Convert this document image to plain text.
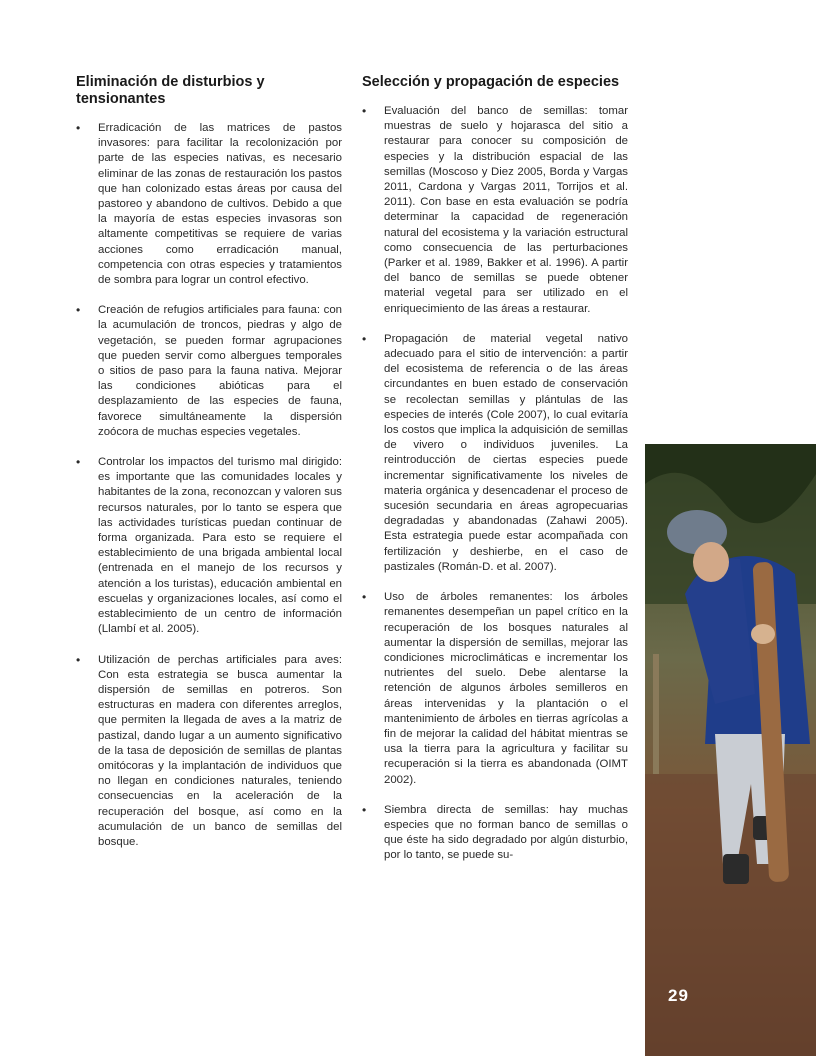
Eliminación de disturbios y tensionantes
• Erradicación de las matrices de pastos invasores: para facilitar la recolonización por parte de las especies nativas, es necesario eliminar de las zonas de restauración los pastos que han colonizado estas áreas por causa del pastoreo y abandono de cultivos. Debido a que la mayoría de estas especies invasoras son altamente competitivas se requiere de varias acciones como erradicación manual, competencia con otras especies y tratamientos de sombra para lograr un control efectivo.
• Creación de refugios artificiales para fauna: con la acumulación de troncos, piedras y algo de vegetación, se pueden formar agrupaciones que pueden servir como albergues temporales o sitios de paso para la fauna nativa. Mejorar las condiciones abióticas para el desplazamiento de las especies de fauna, favorece simultáneamente la dispersión zoócora de muchas especies vegetales.
• Controlar los impactos del turismo mal dirigido: es importante que las comunidades locales y habitantes de la zona, reconozcan y valoren sus recursos naturales, por lo tanto se espera que las actividades turísticas puedan continuar de forma organizada. Para esto se requiere el establecimiento de una brigada ambiental local (entrenada en el manejo de los recursos y atención a los turistas), educación ambiental en escuelas y organizaciones locales, así como el establecimiento de un centro de información (Llambí et al. 2005).
• Utilización de perchas artificiales para aves: Con esta estrategia se busca aumentar la dispersión de semillas en potreros. Son estructuras en madera con diferentes arreglos, que permiten la llegada de aves a la matriz de pastizal, dando lugar a un aumento significativo de la tasa de deposición de semillas de plantas omitócoras y la implantación de individuos que no llegan en condiciones naturales, teniendo consecuencias en la aceleración de la recuperación del bosque, así como en la acumulación de un banco de semillas del bosque.
Selección y propagación de especies
• Evaluación del banco de semillas: tomar muestras de suelo y hojarasca del sitio a restaurar para conocer su composición de especies y la distribución espacial de las semillas (Moscoso y Diez 2005, Borda y Vargas 2011, Cardona y Vargas 2011, Torrijos et al. 2011). Con base en esta evaluación se podría determinar la capacidad de regeneración natural del ecosistema y la variación estructural como consecuencia de las perturbaciones (Parker et al. 1989, Bakker et al. 1996). A partir del banco de semillas se puede obtener material vegetal para ser utilizado en el enriquecimiento de las áreas a restaurar.
• Propagación de material vegetal nativo adecuado para el sitio de intervención: a partir del ecosistema de referencia o de las áreas circundantes en buen estado de conservación se recolectan semillas y plántulas de las especies de interés (Cole 2007), lo cual evitaría los costos que implica la adquisición de semillas de vivero o individuos juveniles. La reintroducción de ciertas especies puede incrementar significativamente los niveles de materia orgánica y desencadenar el proceso de sucesión secundaria en áreas agropecuarias degradadas y abandonadas (Zahawi 2005). Esta estrategia puede estar acompañada con fertilización y deshierbe, en el caso de pastizales (Román-D. et al. 2007).
• Uso de árboles remanentes: los árboles remanentes desempeñan un papel crítico en la recuperación de los bosques naturales al aumentar la dispersión de semillas, mejorar las condiciones microclimáticas e incrementar los nutrientes del suelo. Debe alentarse la retención de algunos árboles semilleros en áreas intervenidas y la plantación o el mantenimiento de árboles en tierras agrícolas a fin de mejorar la calidad del hábitat mientras se usa la tierra para la agricultura y facilitar su recuperación si la tierra es abandonada (OIMT 2002).
• Siembra directa de semillas: hay muchas especies que no forman banco de semillas o que éste ha sido degradado por algún disturbio, por lo tanto, se puede su-
29
